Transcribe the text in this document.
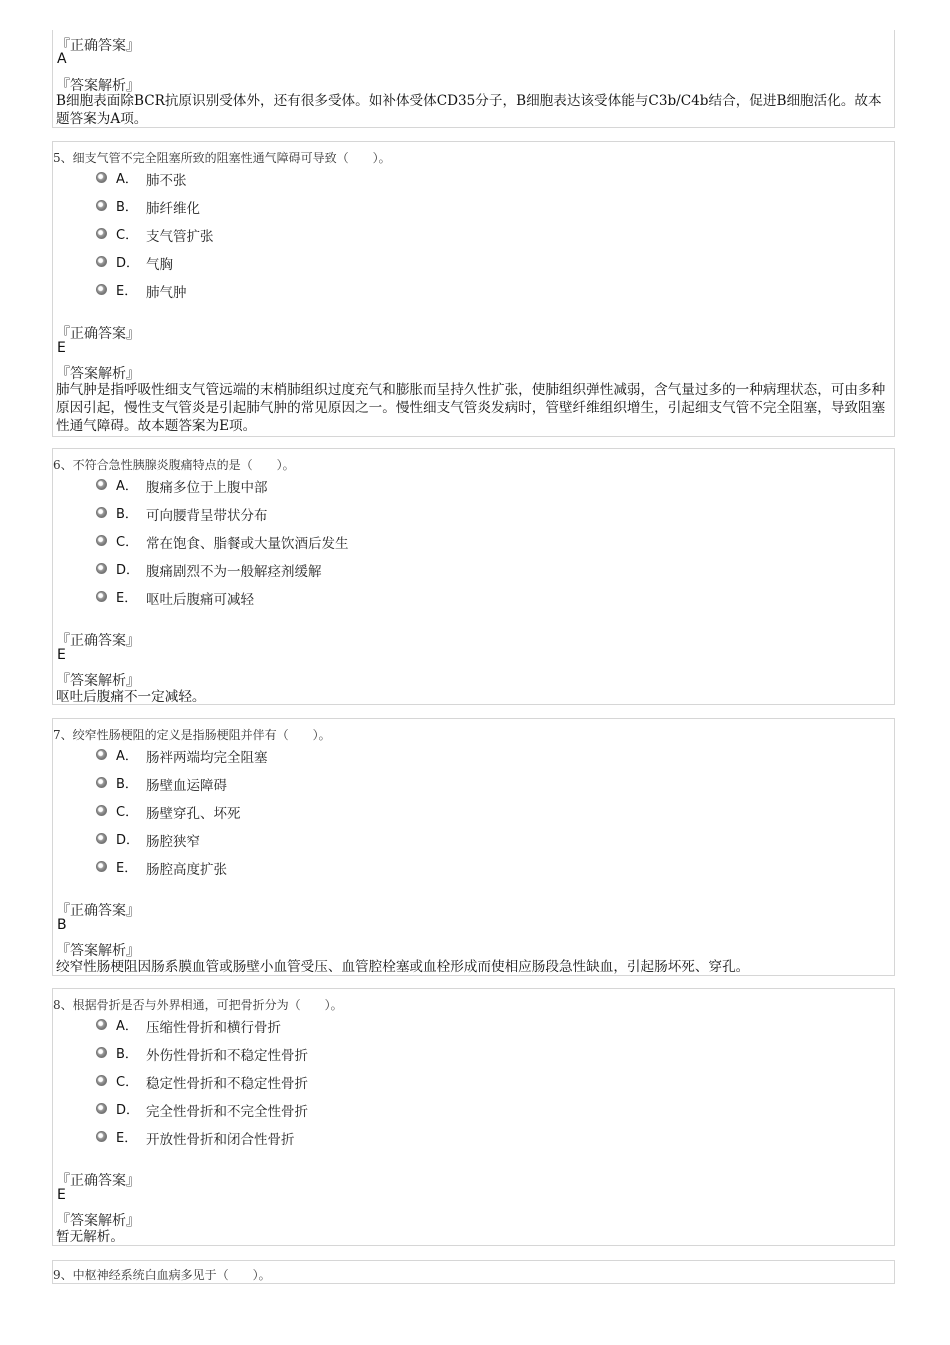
『正确答案』
A
『答案解析』
B细胞表面除BCR抗原识别受体外，还有很多受体。如补体受体CD35分子，B细胞表达该受体能与C3b/C4b结合，促进B细胞活化。故本题答案为A项。
5、细支气管不完全阻塞所致的阻塞性通气障碍可导致（　　）。
A． 肺不张
B． 肺纤维化
C． 支气管扩张
D． 气胸
E． 肺气肿
『正确答案』
E
『答案解析』
肺气肿是指呼吸性细支气管远端的末梢肺组织过度充气和膨胀而呈持久性扩张，使肺组织弹性减弱，含气量过多的一种病理状态，可由多种原因引起，慢性支气管炎是引起肺气肿的常见原因之一。慢性细支气管炎发病时，管壁纤维组织增生，引起细支气管不完全阻塞，导致阻塞性通气障碍。故本题答案为E项。
6、不符合急性胰腺炎腹痛特点的是（　　）。
A． 腹痛多位于上腹中部
B． 可向腰背呈带状分布
C． 常在饱食、脂餐或大量饮酒后发生
D． 腹痛剧烈不为一般解痉剂缓解
E． 呕吐后腹痛可减轻
『正确答案』
E
『答案解析』
呕吐后腹痛不一定减轻。
7、绞窄性肠梗阻的定义是指肠梗阻并伴有（　　）。
A． 肠袢两端均完全阻塞
B． 肠壁血运障碍
C． 肠壁穿孔、坏死
D． 肠腔狭窄
E． 肠腔高度扩张
『正确答案』
B
『答案解析』
绞窄性肠梗阻因肠系膜血管或肠壁小血管受压、血管腔栓塞或血栓形成而使相应肠段急性缺血，引起肠坏死、穿孔。
8、根据骨折是否与外界相通，可把骨折分为（　　）。
A． 压缩性骨折和横行骨折
B． 外伤性骨折和不稳定性骨折
C． 稳定性骨折和不稳定性骨折
D． 完全性骨折和不完全性骨折
E． 开放性骨折和闭合性骨折
『正确答案』
E
『答案解析』
暂无解析。
9、中枢神经系统白血病多见于（　　）。
